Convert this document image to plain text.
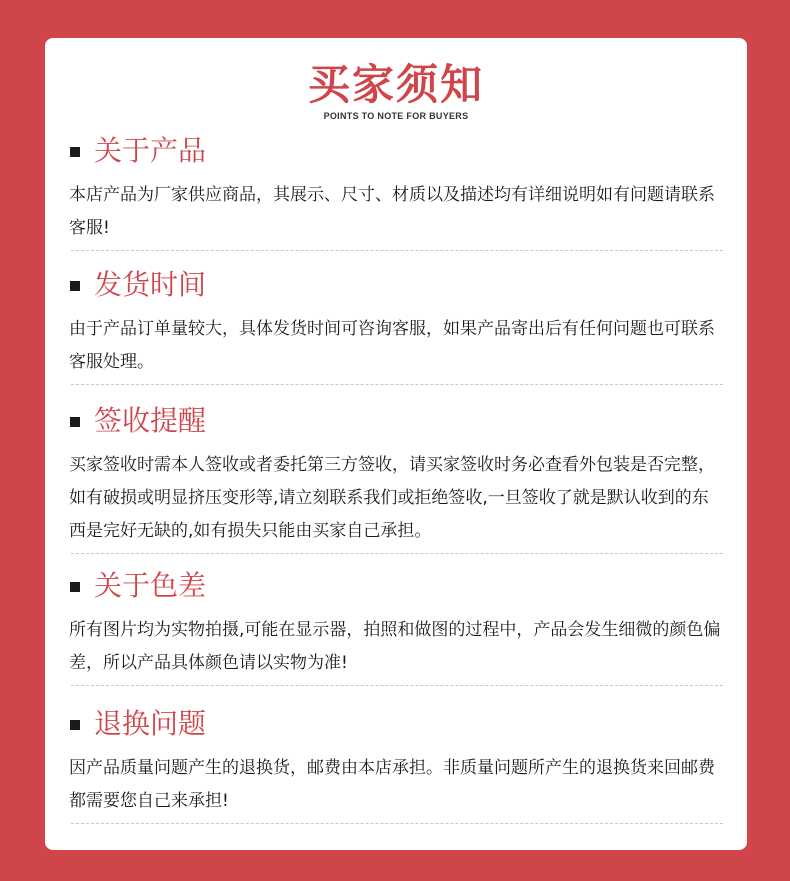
买家须知
POINTS TO NOTE FOR BUYERS
关于产品
本店产品为厂家供应商品，其展示、尺寸、材质以及描述均有详细说明如有问题请联系客服!
发货时间
由于产品订单量较大，具体发货时间可咨询客服，如果产品寄出后有任何问题也可联系客服处理。
签收提醒
买家签收时需本人签收或者委托第三方签收，请买家签收时务必查看外包装是否完整，如有破损或明显挤压变形等,请立刻联系我们或拒绝签收,一旦签收了就是默认收到的东西是完好无缺的,如有损失只能由买家自己承担。
关于色差
所有图片均为实物拍摄,可能在显示器，拍照和做图的过程中，产品会发生细微的颜色偏差，所以产品具体颜色请以实物为准!
退换问题
因产品质量问题产生的退换货，邮费由本店承担。非质量问题所产生的退换货来回邮费都需要您自己来承担!
